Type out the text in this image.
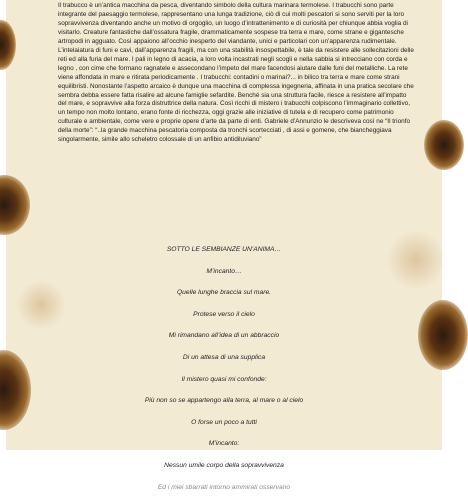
Il trabucco è un’antica macchina da pesca, diventando simbolo della cultura marinara termolese. I trabucchi sono parte integrante del paesaggio termolese, rappresentano una lunga tradizione, ciò di cui molti pescatori si sono serviti per la loro sopravvivenza diventando anche un motivo di orgoglio, un luogo d’intrattenimento e di curiosità per chiunque abbia voglia di visitarlo. Creature fantastiche dall’ossatura fragile, drammaticamente sospese tra terra e mare, come strane e gigantesche artropodi in agguato. Così appaiono all’occhio inesperto del viandante, unici e particolari con un’apparenza rudimentale. L’intelaiatura di funi e cavi, dall’apparenza fragili, ma con una stabilità insospettabile, è tale da resistere alle sollecitazioni delle reti ed alla furia del mare. I pali in legno di acacia, a loro volta incastrati negli scogli e nella sabbia si intrecciano con corda e legno , con cime che formano ragnatele e assecondano l’impeto del mare facendosi aiutare dalle funi del metalliche. La rete viene affondata in mare e ritirata periodicamente . I trabucchi: contadini o marinai?... in bilico tra terra e mare come strani equilibristi. Nonostante l’aspetto arcaico è dunque una macchina di complessa ingegneria, affinata in una pratica secolare che sembra debba essere fatta risalire ad alcune famiglie sefardite. Benché sia una struttura facile, riesce a resistere all’impatto del mare, e sopravvive alla forza distruttrice della natura. Così ricchi di mistero i trabucchi colpiscono l’immaginario collettivo, un tempo non molto lontano, erano fonte di ricchezza, oggi grazie alle iniziative di tutela e di recupero come patrimonio culturale e ambientale, come vere e proprie opere d’arte da parte di enti. Gabriele d’Annunzio le descriveva così ne “Il trionfo della morte”: “..la grande macchina pescatoria composta da tronchi scortecciati , di assi e gomene, che biancheggiava singolarmente, simile allo scheletro colossale di un anfibio antidiluviano”

SOTTO LE SEMBIANZE UN’ANIMA…
M’incanto…
Quelle lunghe braccia sul mare.
Protese verso il cielo
Mi rimandano all’idea di un abbraccio
Di un attesa di una supplica
Il mistero quasi mi confonde:
Più non so se appartengo alla terra, al mare o al cielo
O forse un poco a tutti
M’incanto:
Nessun umile corpo della sopravvivenza
Ed i miei sbarrati intorno ammirati osservano
